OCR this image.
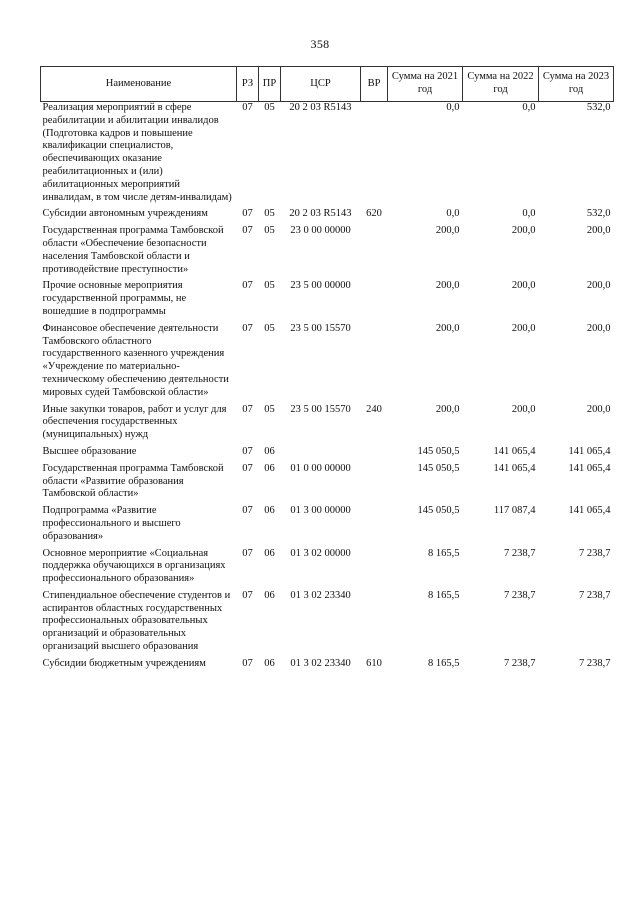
358
Наименование	РЗ	ПР	ЦСР	ВР	Сумма на 2021 год	Сумма на 2022 год	Сумма на 2023 год
Реализация мероприятий в сфере реабилитации и абилитации инвалидов (Подготовка кадров и повышение квалификации специалистов, обеспечивающих оказание реабилитационных и (или) абилитационных мероприятий инвалидам, в том числе детям-инвалидам)	07	05	20 2 03 R5143		0,0	0,0	532,0
Субсидии автономным учреждениям	07	05	20 2 03 R5143	620	0,0	0,0	532,0
Государственная программа Тамбовской области «Обеспечение безопасности населения Тамбовской области и противодействие преступности»	07	05	23 0 00 00000		200,0	200,0	200,0
Прочие основные мероприятия государственной программы, не вошедшие в подпрограммы	07	05	23 5 00 00000		200,0	200,0	200,0
Финансовое обеспечение деятельности Тамбовского областного государственного казенного учреждения «Учреждение по материально-техническому обеспечению деятельности мировых судей Тамбовской области»	07	05	23 5 00 15570		200,0	200,0	200,0
Иные закупки товаров, работ и услуг для обеспечения государственных (муниципальных) нужд	07	05	23 5 00 15570	240	200,0	200,0	200,0
Высшее образование	07	06			145 050,5	141 065,4	141 065,4
Государственная программа Тамбовской области «Развитие образования Тамбовской области»	07	06	01 0 00 00000		145 050,5	141 065,4	141 065,4
Подпрограмма «Развитие профессионального и высшего образования»	07	06	01 3 00 00000		145 050,5	117 087,4	141 065,4
Основное мероприятие «Социальная поддержка обучающихся в организациях профессионального образования»	07	06	01 3 02 00000		8 165,5	7 238,7	7 238,7
Стипендиальное обеспечение студентов и аспирантов областных государственных профессиональных образовательных организаций и образовательных организаций высшего образования	07	06	01 3 02 23340		8 165,5	7 238,7	7 238,7
Субсидии бюджетным учреждениям	07	06	01 3 02 23340	610	8 165,5	7 238,7	7 238,7
